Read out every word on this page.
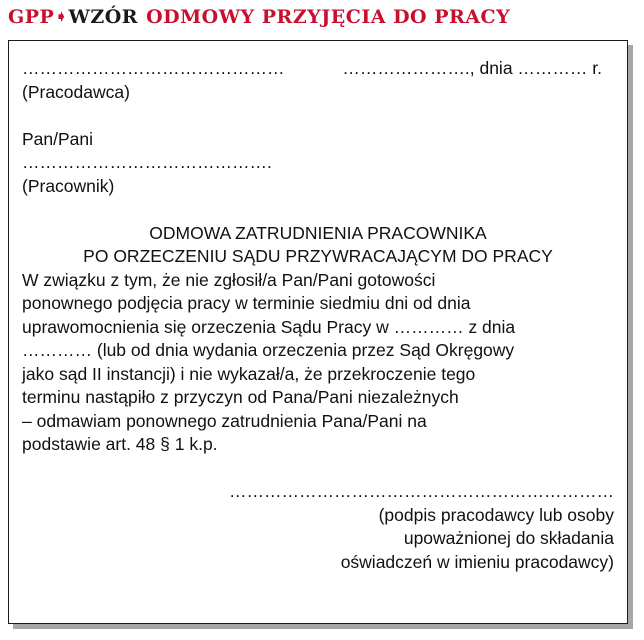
GPP ➧ WZÓR ODMOWY PRZYJĘCIA DO PRACY
………………………………………	…………………., dnia ………… r.
(Pracodawca)
Pan/Pani
…………………………………….
(Pracownik)
ODMOWA ZATRUDNIENIA PRACOWNIKA
PO ORZECZENIU SĄDU PRZYWRACAJĄCYM DO PRACY

W związku z tym, że nie zgłosił/a Pan/Pani gotowości

ponownego podjęcia pracy w terminie siedmiu dni od dnia

uprawomocnienia się orzeczenia Sądu Pracy w ………… z dnia

………… (lub od dnia wydania orzeczenia przez Sąd Okręgowy

jako sąd II instancji) i nie wykazał/a, że przekroczenie tego

terminu nastąpiło z przyczyn od Pana/Pani niezależnych

– odmawiam ponownego zatrudnienia Pana/Pani na

podstawie art. 48 § 1 k.p.

…………………………………………………………
(podpis pracodawcy lub osoby
upoważnionej do składania
oświadczeń w imieniu pracodawcy)
